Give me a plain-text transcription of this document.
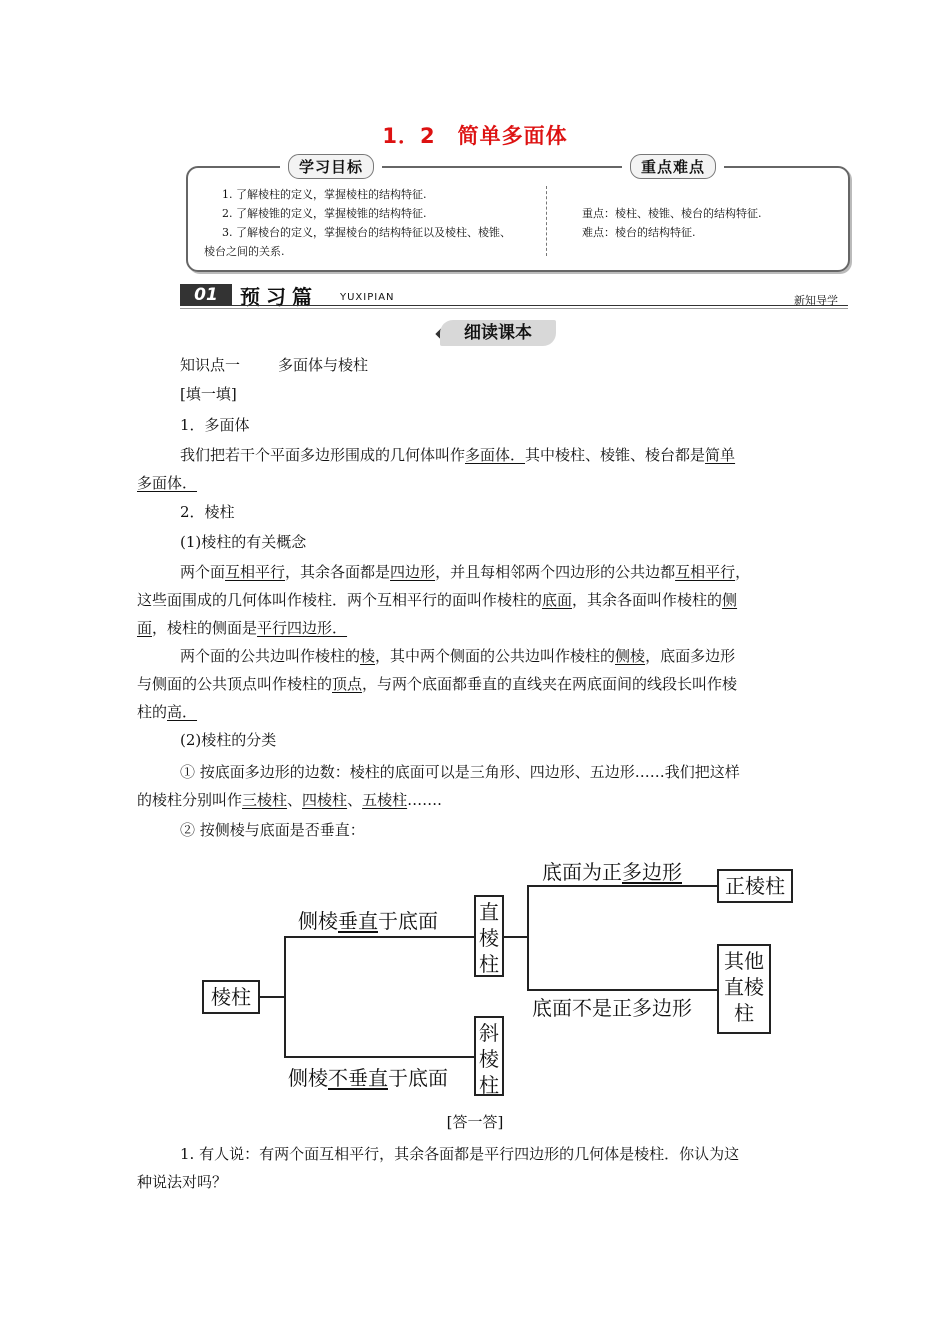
1．2　简单多面体
学习目标	重点难点
1. 了解棱柱的定义，掌握棱柱的结构特征.
2. 了解棱锥的定义，掌握棱锥的结构特征.
3. 了解棱台的定义，掌握棱台的结构特征以及棱柱、棱锥、
棱台之间的关系.
重点：棱柱、棱锥、棱台的结构特征.
难点：棱台的结构特征.
01	预习篇 YUXIPIAN	新知导学
细读课本
知识点一	多面体与棱柱
[填一填]
1．多面体
我们把若干个平面多边形围成的几何体叫作多面体．其中棱柱、棱锥、棱台都是简单
多面体．
2．棱柱
(1)棱柱的有关概念
两个面互相平行，其余各面都是四边形，并且每相邻两个四边形的公共边都互相平行，
这些面围成的几何体叫作棱柱．两个互相平行的面叫作棱柱的底面，其余各面叫作棱柱的侧
面，棱柱的侧面是平行四边形．
两个面的公共边叫作棱柱的棱，其中两个侧面的公共边叫作棱柱的侧棱，底面多边形
与侧面的公共顶点叫作棱柱的顶点，与两个底面都垂直的直线夹在两底面间的线段长叫作棱
柱的高．
(2)棱柱的分类
① 按底面多边形的边数：棱柱的底面可以是三角形、四边形、五边形……我们把这样
的棱柱分别叫作三棱柱、四棱柱、五棱柱…….
② 按侧棱与底面是否垂直：
棱柱
侧棱垂直于底面
侧棱不垂直于底面
直
棱
柱
斜
棱
柱
底面为正多边形
底面不是正多边形
正棱柱
其他
直棱
柱
[答一答]
1. 有人说：有两个面互相平行，其余各面都是平行四边形的几何体是棱柱．你认为这
种说法对吗？
